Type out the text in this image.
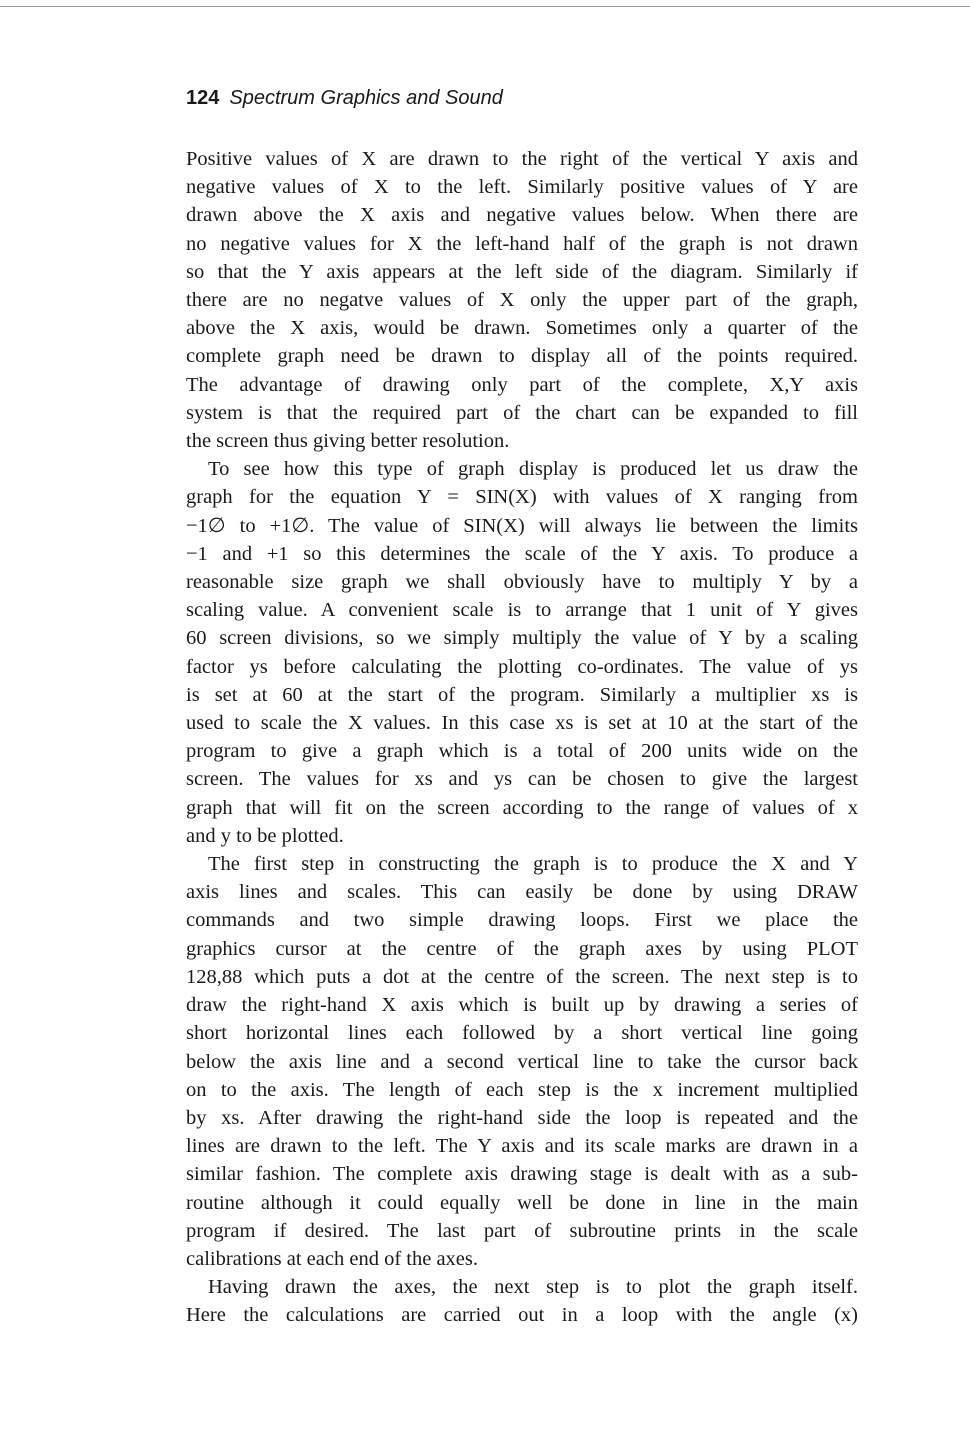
124 Spectrum Graphics and Sound
Positive values of X are drawn to the right of the vertical Y axis and
negative values of X to the left. Similarly positive values of Y are
drawn above the X axis and negative values below. When there are
no negative values for X the left-hand half of the graph is not drawn
so that the Y axis appears at the left side of the diagram. Similarly if
there are no negatve values of X only the upper part of the graph,
above the X axis, would be drawn. Sometimes only a quarter of the
complete graph need be drawn to display all of the points required.
The advantage of drawing only part of the complete, X,Y axis
system is that the required part of the chart can be expanded to fill
the screen thus giving better resolution.
To see how this type of graph display is produced let us draw the
graph for the equation Y = SIN(X) with values of X ranging from
−1∅ to +1∅. The value of SIN(X) will always lie between the limits
−1 and +1 so this determines the scale of the Y axis. To produce a
reasonable size graph we shall obviously have to multiply Y by a
scaling value. A convenient scale is to arrange that 1 unit of Y gives
60 screen divisions, so we simply multiply the value of Y by a scaling
factor ys before calculating the plotting co-ordinates. The value of ys
is set at 60 at the start of the program. Similarly a multiplier xs is
used to scale the X values. In this case xs is set at 10 at the start of the
program to give a graph which is a total of 200 units wide on the
screen. The values for xs and ys can be chosen to give the largest
graph that will fit on the screen according to the range of values of x
and y to be plotted.
The first step in constructing the graph is to produce the X and Y
axis lines and scales. This can easily be done by using DRAW
commands and two simple drawing loops. First we place the
graphics cursor at the centre of the graph axes by using PLOT
128,88 which puts a dot at the centre of the screen. The next step is to
draw the right-hand X axis which is built up by drawing a series of
short horizontal lines each followed by a short vertical line going
below the axis line and a second vertical line to take the cursor back
on to the axis. The length of each step is the x increment multiplied
by xs. After drawing the right-hand side the loop is repeated and the
lines are drawn to the left. The Y axis and its scale marks are drawn in a
similar fashion. The complete axis drawing stage is dealt with as a sub-
routine although it could equally well be done in line in the main
program if desired. The last part of subroutine prints in the scale
calibrations at each end of the axes.
Having drawn the axes, the next step is to plot the graph itself.
Here the calculations are carried out in a loop with the angle (x)
